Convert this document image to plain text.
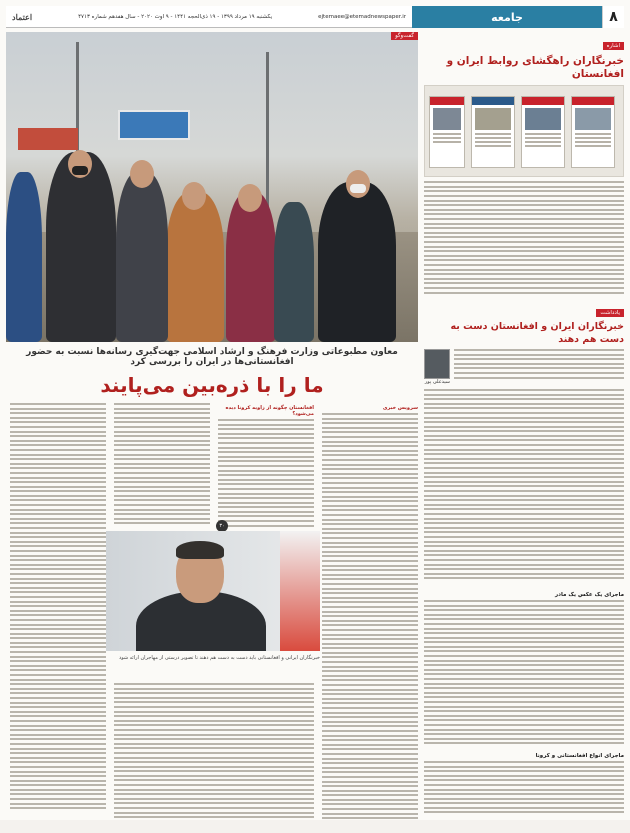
۸
جامعه
ejtemaee@etemadnewspaper.ir
یکشنبه ۱۹ مرداد ۱۳۹۹ - ۱۹ ذی‌الحجه ۱۴۴۱ - ۹ اوت ۲۰۲۰ - سال هفدهم شماره ۴۷۱۳
اعتماد
اشاره
خبرنگاران راهگشای روابط ایران و افغانستان
یادداشت
خبرنگاران ایران و افغانستان دست به دست هم دهند
سیدعلی پور
ماجرای یک عکس یک مادر
ماجرای انواع افغانستانی و کرونا
گفت‌وگو
معاون مطبوعاتی وزارت فرهنگ و ارشاد اسلامی جهت‌گیری رسانه‌ها نسبت به حضور افغانستانی‌ها در ایران را بررسی کرد
ما را با ذره‌بین می‌پایند
سرویس خبری
افغانستان چگونه از زاویه کرونا دیده می‌شود؟
۳۰
خبرنگاران ایرانی و افغانستانی باید دست به دست هم دهند تا تصویر درستی از مهاجران ارائه شود
